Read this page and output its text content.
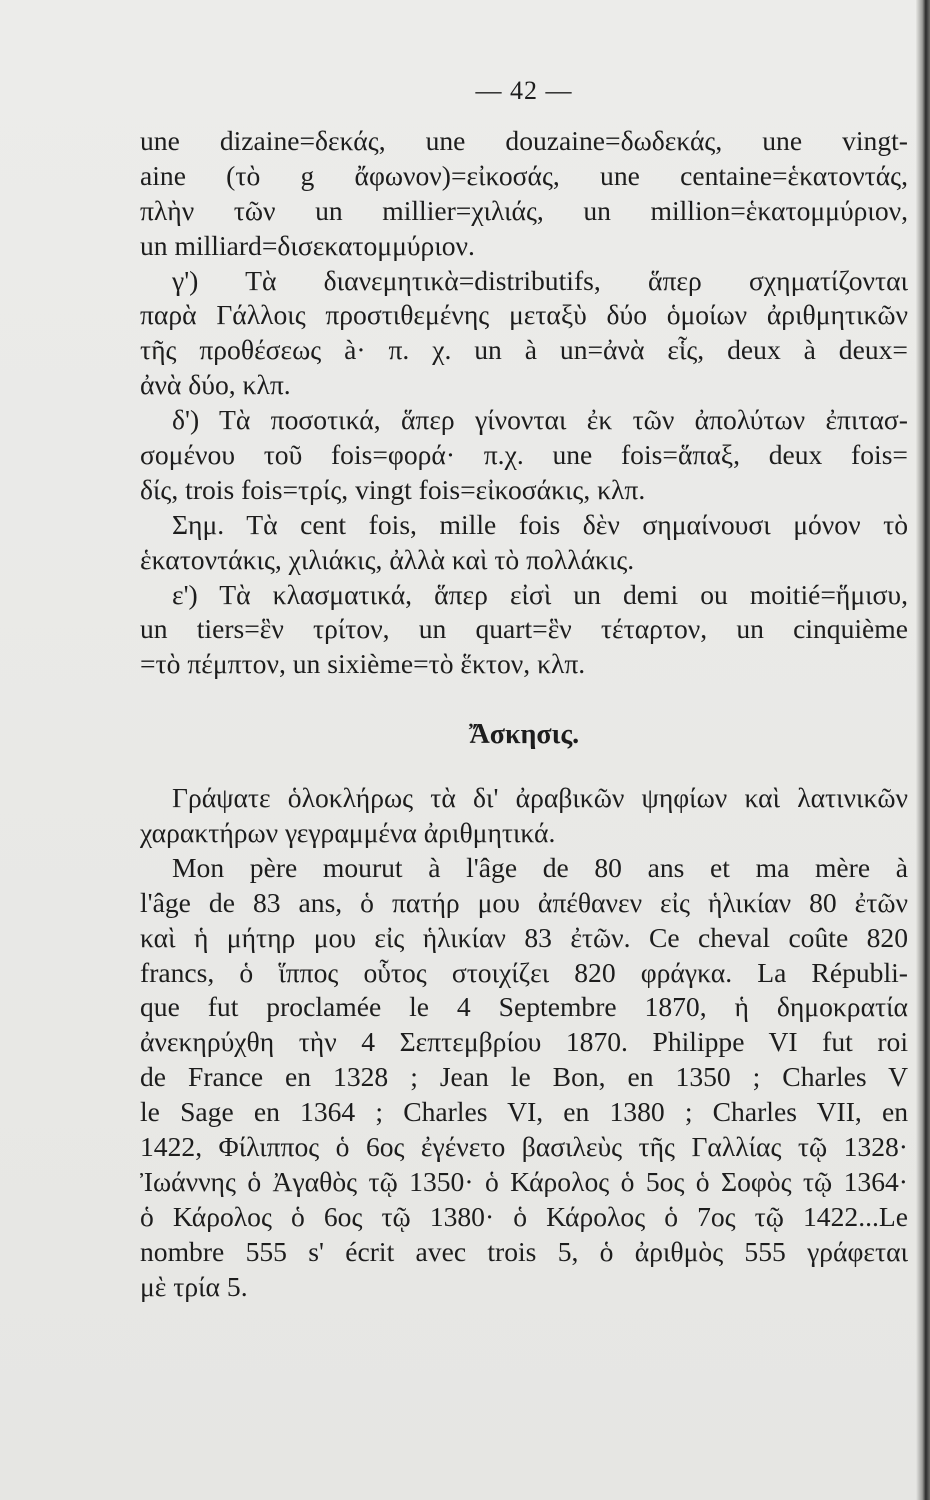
— 42 —
une dizaine=δεκάς, une douzaine=δωδεκάς, une vingt-
aine (τὸ g ἄφωνον)=εἰκοσάς, une centaine=ἑκατοντάς,
πλὴν τῶν un millier=χιλιάς, un million=ἑκατομμύριον,
un milliard=δισεκατομμύριον.
γ') Τὰ διανεμητικὰ=distributifs, ἅπερ σχηματίζονται
παρὰ Γάλλοις προστιθεμένης μεταξὺ δύο ὁμοίων ἀριθμητικῶν
τῆς προθέσεως à· π. χ. un à un=ἀνὰ εἷς, deux à deux=
ἀνὰ δύο, κλπ.
δ') Τὰ ποσοτικά, ἅπερ γίνονται ἐκ τῶν ἀπολύτων ἐπιτασ-
σομένου τοῦ fois=φορά· π.χ. une fois=ἅπαξ, deux fois=
δίς, trois fois=τρίς, vingt fois=εἰκοσάκις, κλπ.
Σημ. Τὰ cent fois, mille fois δὲν σημαίνουσι μόνον τὸ
ἑκατοντάκις, χιλιάκις, ἀλλὰ καὶ τὸ πολλάκις.
ε') Τὰ κλασματικά, ἅπερ εἰσὶ un demi ou moitié=ἥμισυ,
un tiers=ἓν τρίτον, un quart=ἓν τέταρτον, un cinquième
=τὸ πέμπτον, un sixième=τὸ ἕκτον, κλπ.
Ἄσκησις.
Γράψατε ὁλοκλήρως τὰ δι' ἀραβικῶν ψηφίων καὶ λατινικῶν
χαρακτήρων γεγραμμένα ἀριθμητικά.
Mon père mourut à l'âge de 80 ans et ma mère à
l'âge de 83 ans, ὁ πατήρ μου ἀπέθανεν εἰς ἡλικίαν 80 ἐτῶν
καὶ ἡ μήτηρ μου εἰς ἡλικίαν 83 ἐτῶν. Ce cheval coûte 820
francs, ὁ ἵππος οὗτος στοιχίζει 820 φράγκα. La Républi-
que fut proclamée le 4 Septembre 1870, ἡ δημοκρατία
ἀνεκηρύχθη τὴν 4 Σεπτεμβρίου 1870. Philippe VI fut roi
de France en 1328 ; Jean le Bon, en 1350 ; Charles V
le Sage en 1364 ; Charles VI, en 1380 ; Charles VII, en
1422, Φίλιππος ὁ 6ος ἐγένετο βασιλεὺς τῆς Γαλλίας τῷ 1328·
Ἰωάννης ὁ Ἀγαθὸς τῷ 1350· ὁ Κάρολος ὁ 5ος ὁ Σοφὸς τῷ 1364·
ὁ Κάρολος ὁ 6ος τῷ 1380· ὁ Κάρολος ὁ 7ος τῷ 1422...Le
nombre 555 s' écrit avec trois 5, ὁ ἀριθμὸς 555 γράφεται
μὲ τρία 5.
